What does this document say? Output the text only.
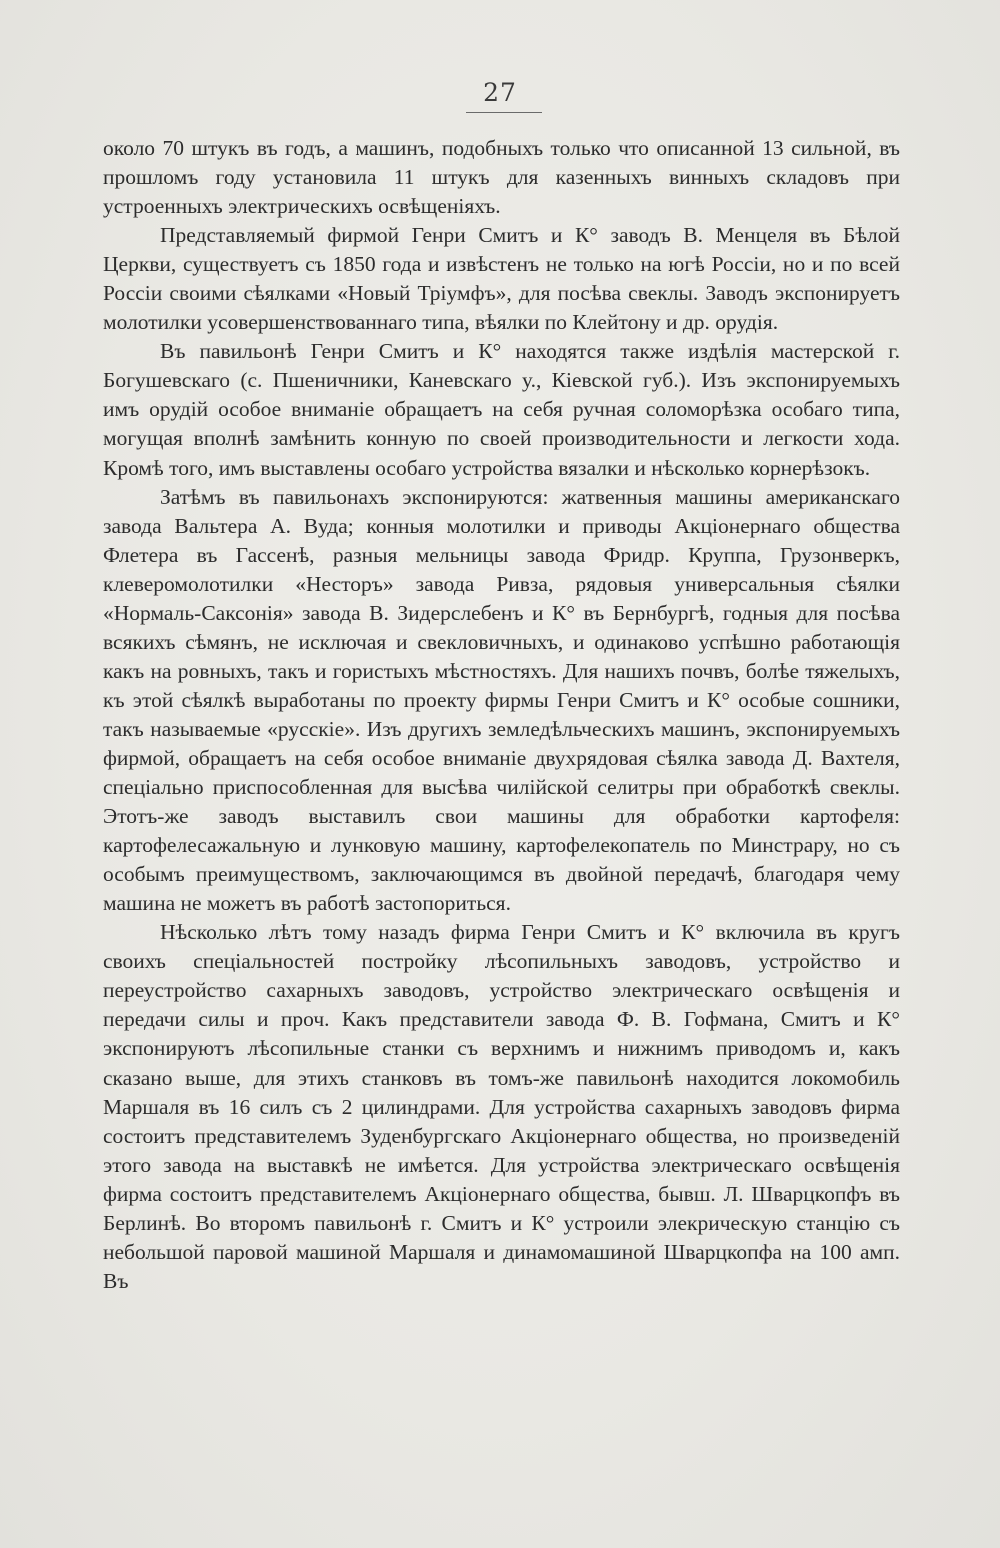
27

около 70 штукъ въ годъ, а машинъ, подобныхъ только что описанной 13 сильной, въ прошломъ году установила 11 штукъ для казенныхъ винныхъ складовъ при устроенныхъ электрическихъ освѣщеніяхъ.

Представляемый фирмой Генри Смитъ и К° заводъ В. Менцеля въ Бѣлой Церкви, существуетъ съ 1850 года и извѣстенъ не только на югѣ Россіи, но и по всей Россіи своими сѣялками «Новый Тріумфъ», для посѣва свеклы. Заводъ экспонируетъ молотилки усовершенствованнаго типа, вѣялки по Клейтону и др. орудія.

Въ павильонѣ Генри Смитъ и К° находятся также издѣлія мастерской г. Богушевскаго (с. Пшеничники, Каневскаго у., Кіевской губ.). Изъ экспонируемыхъ имъ орудій особое вниманіе обращаетъ на себя ручная соломорѣзка особаго типа, могущая вполнѣ замѣнить конную по своей производительности и легкости хода. Кромѣ того, имъ выставлены особаго устройства вязалки и нѣсколько корнерѣзокъ.

Затѣмъ въ павильонахъ экспонируются: жатвенныя машины американскаго завода Вальтера А. Вуда; конныя молотилки и приводы Акціонернаго общества Флетера въ Гассенѣ, разныя мельницы завода Фридр. Круппа, Грузонверкъ, клеверомолотилки «Несторъ» завода Ривза, рядовыя универсальныя сѣялки «Нормаль-Саксонія» завода В. Зидерслебенъ и К° въ Бернбургѣ, годныя для посѣва всякихъ сѣмянъ, не исключая и свекловичныхъ, и одинаково успѣшно работающія какъ на ровныхъ, такъ и гористыхъ мѣстностяхъ. Для нашихъ почвъ, болѣе тяжелыхъ, къ этой сѣялкѣ выработаны по проекту фирмы Генри Смитъ и К° особые сошники, такъ называемые «русскіе». Изъ другихъ земледѣльческихъ машинъ, экспонируемыхъ фирмой, обращаетъ на себя особое вниманіе двухрядовая сѣялка завода Д. Вахтеля, спеціально приспособленная для высѣва чилійской селитры при обработкѣ свеклы. Этотъ-же заводъ выставилъ свои машины для обработки картофеля: картофелесажальную и лунковую машину, картофелекопатель по Минстрару, но съ особымъ преимуществомъ, заключающимся въ двойной передачѣ, благодаря чему машина не можетъ въ работѣ застопориться.

Нѣсколько лѣтъ тому назадъ фирма Генри Смитъ и К° включила въ кругъ своихъ спеціальностей постройку лѣсопильныхъ заводовъ, устройство и переустройство сахарныхъ заводовъ, устройство электрическаго освѣщенія и передачи силы и проч. Какъ представители завода Ф. В. Гофмана, Смитъ и К° экспонируютъ лѣсопильные станки съ верхнимъ и нижнимъ приводомъ и, какъ сказано выше, для этихъ станковъ въ томъ-же павильонѣ находится локомобиль Маршаля въ 16 силъ съ 2 цилиндрами. Для устройства сахарныхъ заводовъ фирма состоитъ представителемъ Зуденбургскаго Акціонернаго общества, но произведеній этого завода на выставкѣ не имѣется. Для устройства электрическаго освѣщенія фирма состоитъ представителемъ Акціонернаго общества, бывш. Л. Шварцкопфъ въ Берлинѣ. Во второмъ павильонѣ г. Смитъ и К° устроили элекрическую станцію съ небольшой паровой машиной Маршаля и динамомашиной Шварцкопфа на 100 амп. Въ
